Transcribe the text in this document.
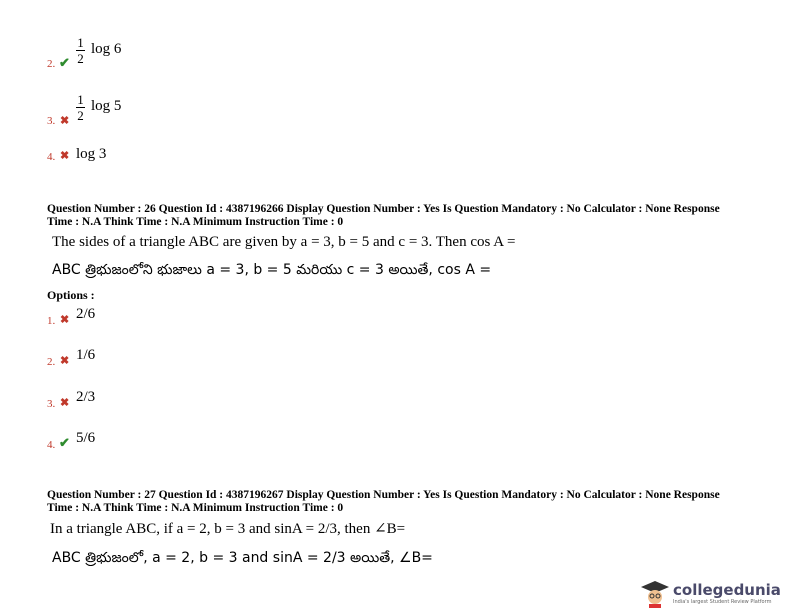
2. ✔
1
2
log 6
3. ✖
1
2
log 5
4. ✖ log 3
Question Number : 26 Question Id : 4387196266 Display Question Number : Yes Is Question Mandatory : No Calculator : None Response
Time : N.A Think Time : N.A Minimum Instruction Time : 0
The sides of a triangle ABC are given by a = 3, b = 5 and c = 3. Then cos A =
ABC త్రిభుజంలోని భుజాలు a = 3, b = 5 మరియు c = 3 అయితే, cos A =
Options :
1. ✖ 2/6
2. ✖ 1/6
3. ✖ 2/3
4. ✔ 5/6
Question Number : 27 Question Id : 4387196267 Display Question Number : Yes Is Question Mandatory : No Calculator : None Response
Time : N.A Think Time : N.A Minimum Instruction Time : 0
In a triangle ABC, if a = 2, b = 3 and sinA = 2/3, then ∠B=
ABC త్రిభుజంలో, a = 2, b = 3 and sinA = 2/3 అయితే, ∠B=
collegedunia
India's largest Student Review Platform
